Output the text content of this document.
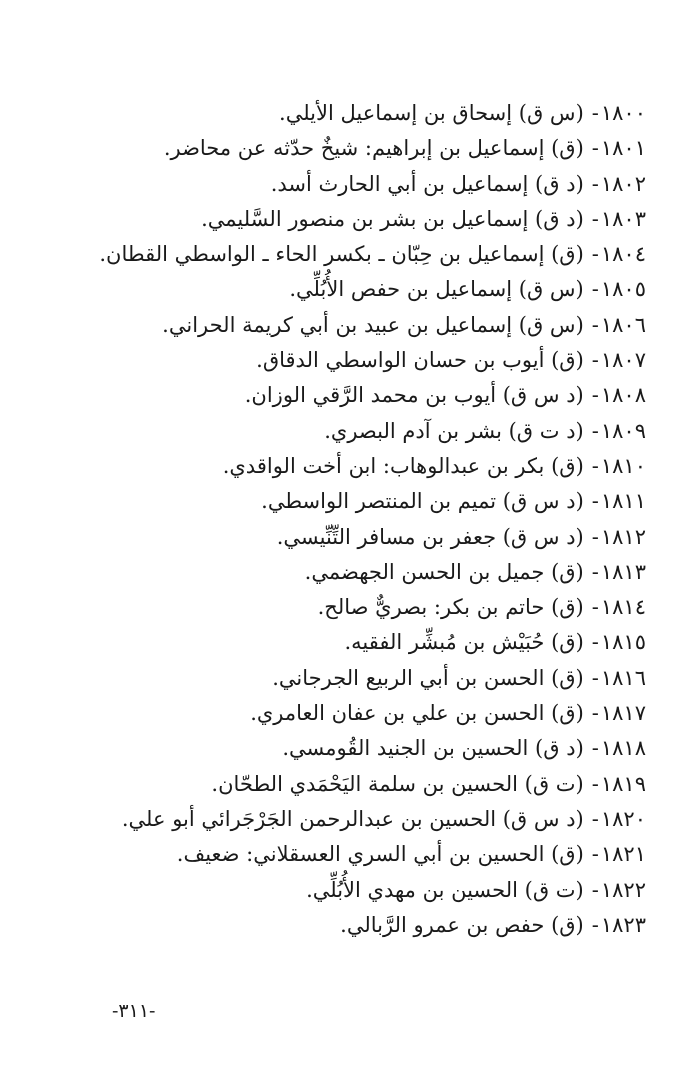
١٨٠٠-(س ق) إسحاق بن إسماعيل الأيلي.
١٨٠١-(ق) إسماعيل بن إبراهيم: شيخٌ حدّثه عن محاضر.
١٨٠٢-(د ق) إسماعيل بن أبي الحارث أسد.
١٨٠٣-(د ق) إسماعيل بن بشر بن منصور السَّليمي.
١٨٠٤-(ق) إسماعيل بن حِبّان ـ بكسر الحاء ـ الواسطي القطان.
١٨٠٥-(س ق) إسماعيل بن حفص الأُبُلِّي.
١٨٠٦-(س ق) إسماعيل بن عبيد بن أبي كريمة الحراني.
١٨٠٧-(ق) أيوب بن حسان الواسطي الدقاق.
١٨٠٨-(د س ق) أيوب بن محمد الرَّقي الوزان.
١٨٠٩-(د ت ق) بشر بن آدم البصري.
١٨١٠-(ق) بكر بن عبدالوهاب: ابن أخت الواقدي.
١٨١١-(د س ق) تميم بن المنتصر الواسطي.
١٨١٢-(د س ق) جعفر بن مسافر التِّنِّيسي.
١٨١٣-(ق) جميل بن الحسن الجهضمي.
١٨١٤-(ق) حاتم بن بكر: بصريٌّ صالح.
١٨١٥-(ق) حُبَيْش بن مُبشِّر الفقيه.
١٨١٦-(ق) الحسن بن أبي الربيع الجرجاني.
١٨١٧-(ق) الحسن بن علي بن عفان العامري.
١٨١٨-(د ق) الحسين بن الجنيد القُومسي.
١٨١٩-(ت ق) الحسين بن سلمة اليَحْمَدي الطحّان.
١٨٢٠-(د س ق) الحسين بن عبدالرحمن الجَرْجَرائي أبو علي.
١٨٢١-(ق) الحسين بن أبي السري العسقلاني: ضعيف.
١٨٢٢-(ت ق) الحسين بن مهدي الأُبُلِّي.
١٨٢٣-(ق) حفص بن عمرو الرَّبالي.
-٣١١-
